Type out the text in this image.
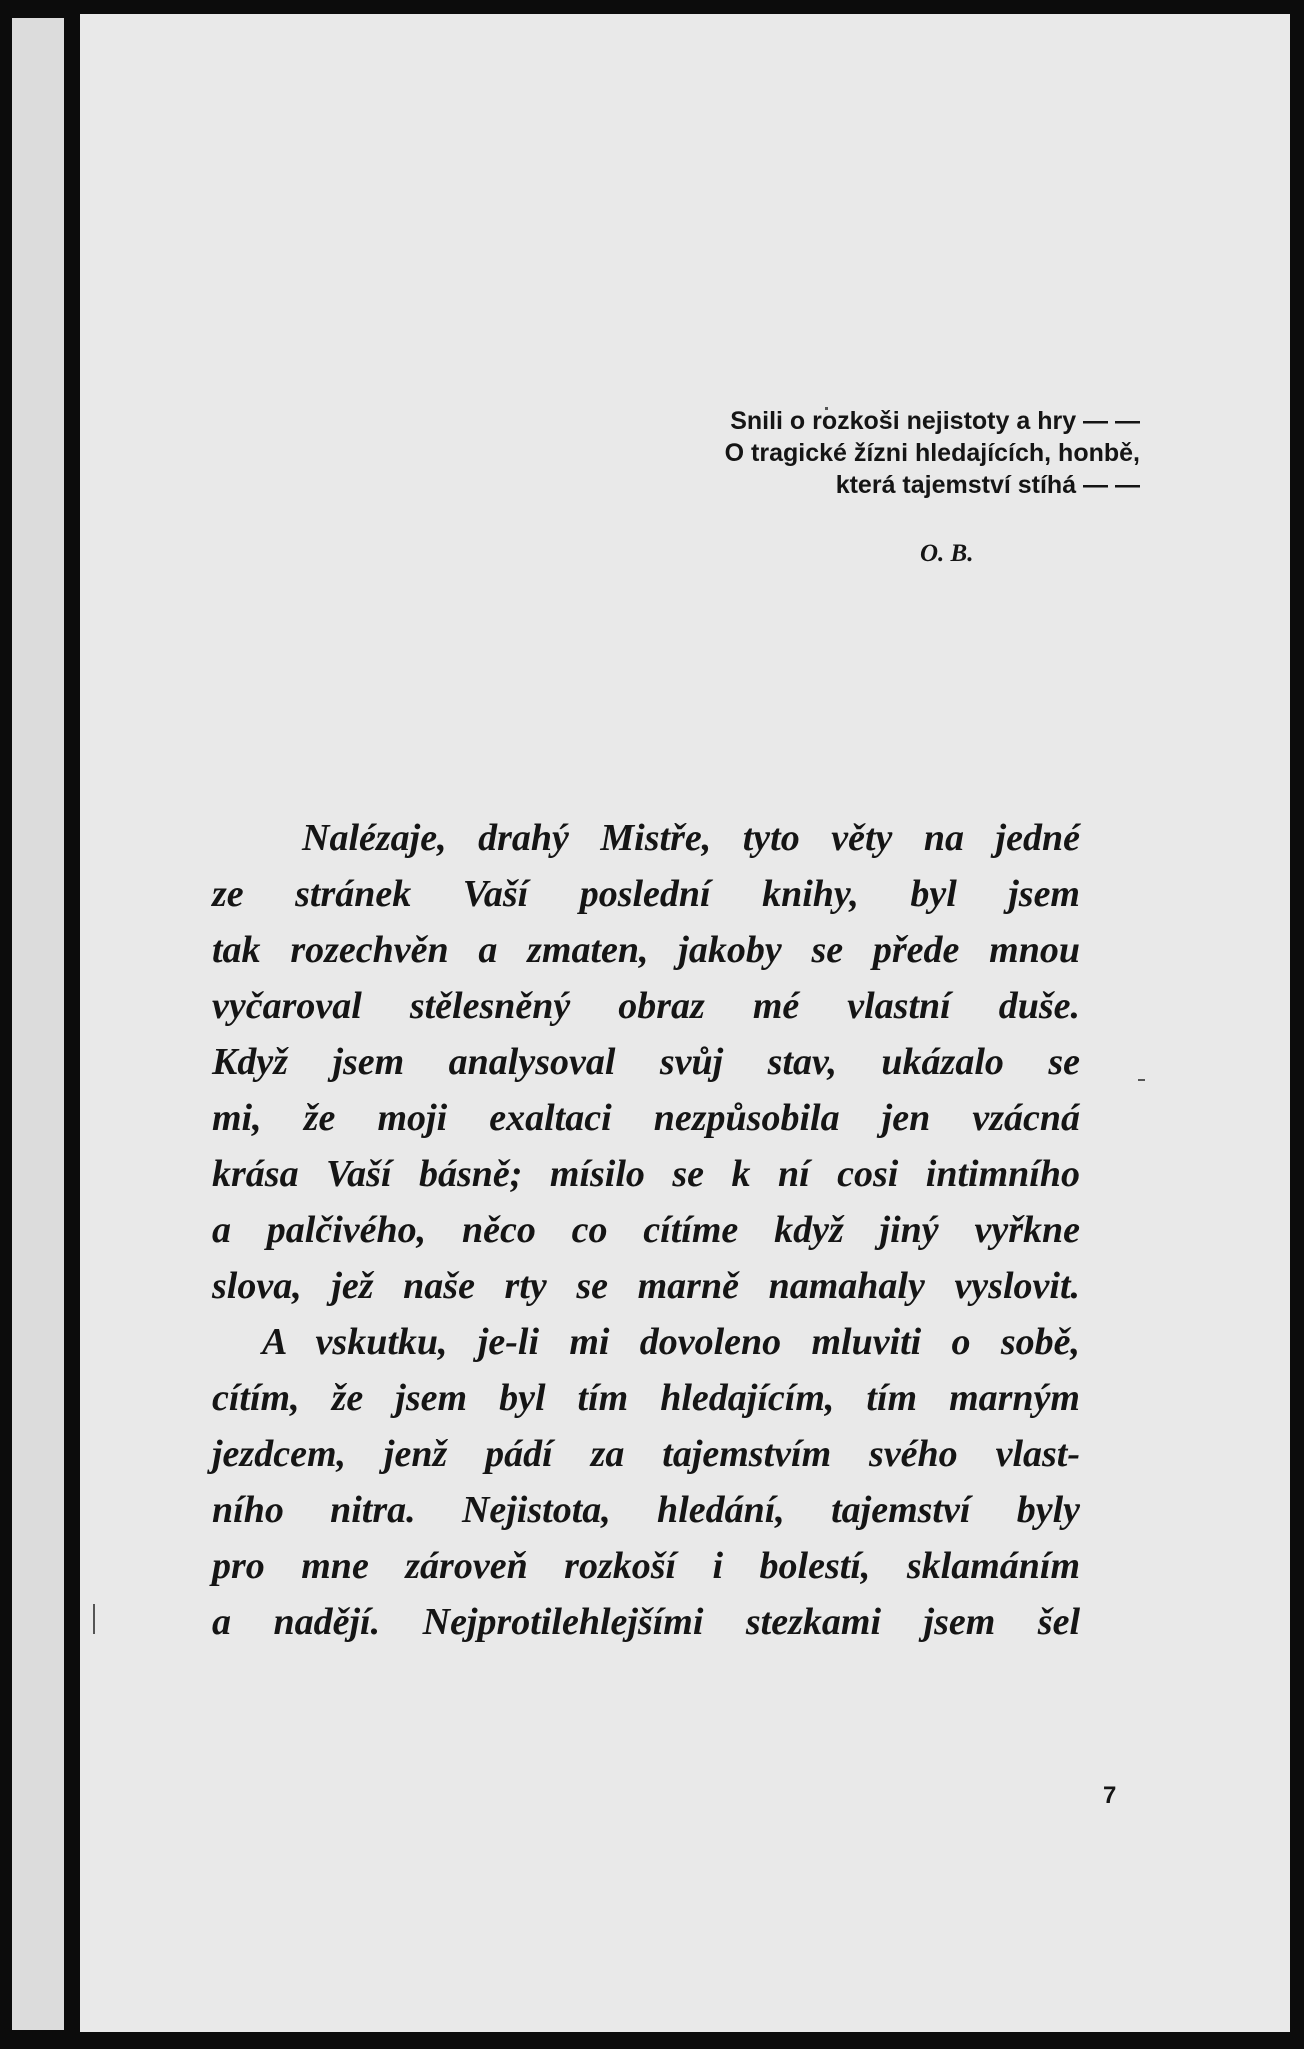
Snili o rozkoši nejistoty a hry — —
O tragické žízni hledajících, honbě,
která tajemství stíhá — —
O. B.
Nalézaje, drahý Mistře, tyto věty na jedné
ze stránek Vaší poslední knihy, byl jsem
tak rozechvěn a zmaten, jakoby se přede mnou
vyčaroval stělesněný obraz mé vlastní duše.
Když jsem analysoval svůj stav, ukázalo se
mi, že moji exaltaci nezpůsobila jen vzácná
krása Vaší básně; mísilo se k ní cosi intimního
a palčivého, něco co cítíme když jiný vyřkne
slova, jež naše rty se marně namahaly vyslovit.
A vskutku, je-li mi dovoleno mluviti o sobě,
cítím, že jsem byl tím hledajícím, tím marným
jezdcem, jenž pádí za tajemstvím svého vlast-
ního nitra. Nejistota, hledání, tajemství byly
pro mne zároveň rozkoší i bolestí, sklamáním
a nadějí. Nejprotilehlejšími stezkami jsem šel
7
